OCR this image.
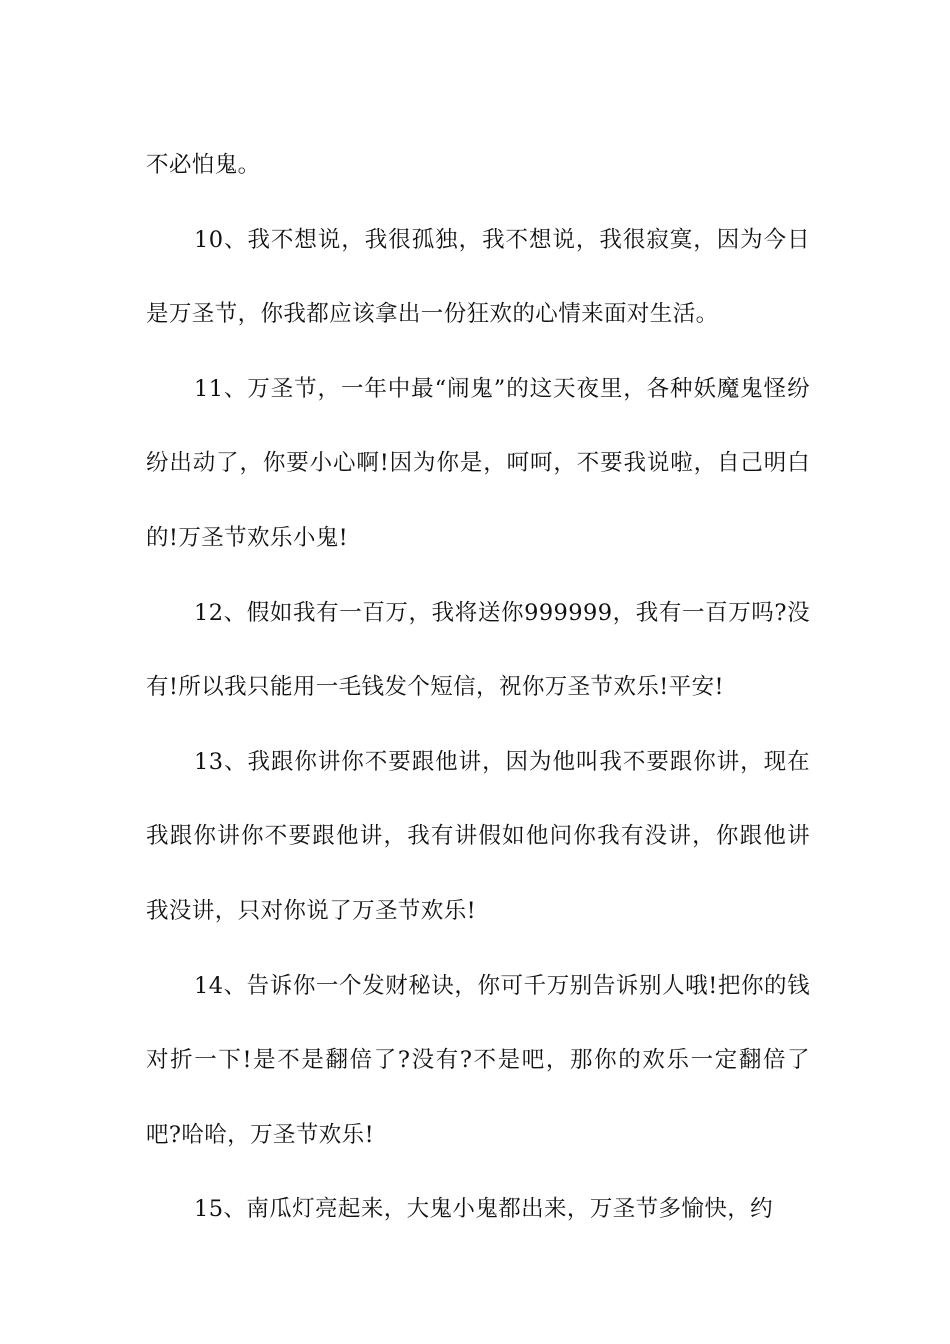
不必怕鬼。

10、我不想说，我很孤独，我不想说，我很寂寞，因为今日是万圣节，你我都应该拿出一份狂欢的心情来面对生活。

11、万圣节，一年中最“闹鬼”的这天夜里，各种妖魔鬼怪纷纷出动了，你要小心啊!因为你是，呵呵，不要我说啦，自己明白的!万圣节欢乐小鬼!

12、假如我有一百万，我将送你999999，我有一百万吗?没有!所以我只能用一毛钱发个短信，祝你万圣节欢乐!平安!

13、我跟你讲你不要跟他讲，因为他叫我不要跟你讲，现在我跟你讲你不要跟他讲，我有讲假如他问你我有没讲，你跟他讲我没讲，只对你说了万圣节欢乐!

14、告诉你一个发财秘诀，你可千万别告诉别人哦!把你的钱对折一下!是不是翻倍了?没有?不是吧，那你的欢乐一定翻倍了吧?哈哈，万圣节欢乐!

15、南瓜灯亮起来，大鬼小鬼都出来，万圣节多愉快，约
